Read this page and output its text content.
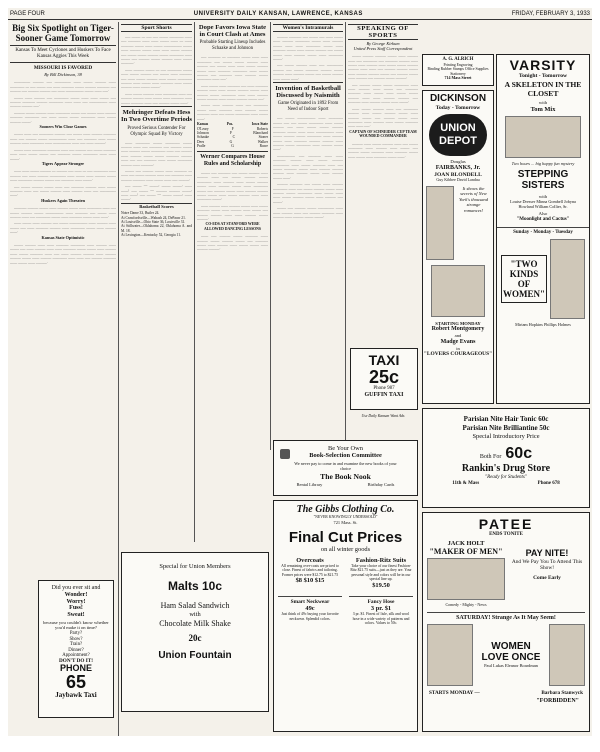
PAGE FOUR	UNIVERSITY DAILY KANSAN, LAWRENCE, KANSAS	FRIDAY, FEBRUARY 3, 1933
Big Six Spotlight on Tiger-Sooner Game Tomorrow
Kansas To Meet Cyclones and Huskers To Face Kansas Aggies This Week
MISSOURI IS FAVORED
By Bill Dickinson, 38

_________ ______ ___ _________ ____ _____ ______ ____ ________ __ ___ _____ ___ ____ _______ _____ ______ _______ ___ ______ ___ ______ ______ ___ ____ __________ _____ ____ ___.

_____ ____ ______ ___ ________ _____ ____ ____ _____ ___ ______ _______ ______ ________ ____ ____ ___ __________ ____ ______ ______ ___.

______ _____ ______ ____ ________ _____ ___ _____ ____ ______ _______ ________ ___ ____ _____ _____ ________ ____ _____ ______ _____.

Sooners Win Close Games

_____ ____ ___ ________ ______ ___ _____ ____ ______ _______ ____ ___ ______ _____ __________ ____ ___ _______ ____ _____ ______ ____ ________ ____ __________ ____ ___ ____ ______.

_____ ____ ________ _______ ____ ___ ______ ___ _____ _______ ____ ____ _____ _____ ___ _______ _____ ________ ____ ____ _____.

Tigers Appear Stronger

____ ____ _____ ______ __ ______ ___ ____ __ ___ ________ ____ ______ ___ ____ ______ _________ ____ _____ ____ ______ _____ ____ ________ ______ _____ ___ _______ ____ _____.

___ _____ ______ _____ ____ ___ _______ ______ ____ _____ _______ ____ ___ _____ ______ ____ ______ ____ ___ _________ ____.

Huskers Again Threaten

_______ ______ _____ ____ ______ _____ ____ ________ ____ ___ _____ ______ _____ __________ ____ _______ ___ _____ ____ ______ ____ ___ ________ _____ ____ _______ _____ ____ ____.

____ _____ ____ ______ ___ _____ __________ ____ ______ ____ _____ ___ ____ _______ ______ ____ ________ _____ ____ ______ ____.

Kansas State Optimistic

_____ ______ ____ ____ _______ ________ ____ ______ ____ _____ ___ ____ ______ ____ ____ _______ _____ _____ ____ ______ ____ _____ _______ ____ ___ ____ ______ ______ ____ ______ ______ _____ ____ ______ ________ ____ ____ ___ ______ _______ ____ _____ ____ ______.

Did you ever sit and
Wonder!
Worry!
Fuss!
Sweat!
because you couldn't know whether you'd make it on time?
Party?
Show?
Train?
Dinner?
Appointment?
DON'T DO IT!
PHONE
65
Jaybawk Taxi
Sport Shorts

___ _____ __ ___ ___ _____ ________ ____ ___ _______ ____ ____ _____ ____ __ ____ _______ _____ ____ _____ __________ _____ ____ ______ _____ ____ ____ _____ ______ ___ _____ _____ ______ _____ ________ ____ _____ ___ ______ _____ ______ ____ _____ _______.

____ ______ _____ __ ___ ________ _____ ____ _____ ______ ___ _____ ____ _______ ___ ____ _____ ______ ____ _____ ________ ______ ____ _____ ____ _______ ____ _____ ______ ____ _____ _____.

____ _____ ______ ____ ________ ____ ___ ______ ______ ____ _____ ____ _______ ____ _____ _______ ____ ___ ______ _____ ____.

Mehringer Defeats Hess In Two Overtime Periods
Proved Serious Contender For Olympic Squad By Victory

____ ________ _____ ________ _____ ______ ____ ___ _______ ___ ______ _____ ____ ______ _____ ________ ____ ___ ______ ____ ______ _____ _____ _______ ______ ____ ___ ___ _______ ____ _____ ________ ______ ____ _______.

_____ ___ ______ _____ ____ _______ __ ____ ___ _____ ______ ____ ___ _______ ____ ______ _______ ____ _____ ____ ___ ______.

___ _____ — _____, _____ _____, ____ ____; ___ _____ — ______ ______ _____, ____ ____; ___ _____ — _____ _____, ____ _____.

Basketball Scores
Notre Dame 33, Butler 24.
At Crawfordsville—Wabash 24, DePauw 21.
At Louisville—Ohio State 36, Louisville 31.
At Stillwater—Oklahoma 22, Oklahoma A. and M. 18.
At Lexington—Kentucky 52, Georgia 11.
Dope Favors Iowa State in Court Clash at Ames
Probable Starting Lineup Includes Schaake and Johnson

___ _______ __ _______ _____ ____ ____ ________ ___ _____ _____ ______ ____ ______ ___ _____ ____ ____ _____ ______ _____ ____ _______ ________ ____ _____ ______ ___ _______ ____ ______ _____ ________ ____ ___.

____ _____ ____ _______ ___ ____ _______ ______ ____ ____ _____ ______ _____ ____ ______ _____ ________ ____ ____ ______ _____ ______ ____ _____ ______ _____ ___.

_____ ____ ______ ____ ___ ________ _____ ____ _______ ____ ______ _____ _______ ____ ___ _____ ________ ____ _____ ____.

Kansas	Pos.	Iowa State
O'Leary	F	Roberts
Johnson	F	Blanchard
Schaake	C	Stoner
Dees	G	Walker
Pralle	G	Ruwe
Werner Compares House Rules and Scholarship

_____ ___ _______ ___ _____ ______ ____ ______ ____ ___ _____ ______ _____ ________ ____ ______ ____ _____ ______ _____ ____ ______ _____ ____ ________ _____ ___ ______ _____ ____ ______ ______ _____ _____ ____ _____ ______ ____ ____ ________ _____.

____ ______ ____ ______ _____ ____ _____ _______ _____ ____ ______ ____ _____ ___ ______ ______ ____ ____ ______ _____ ______.

CO-EDS AT STANFORD WERE ALLOWED DANCING LESSONS

____ ___ ______ _____ _______ ____ ______ _____ ______ _____ ___ _______ _____ ____ ______ ____ _____ _____ ____ ______ ______.

Women's Intramurals

______ _______ ___ _____ ___ ____ _____ ____ ______ ________ _____ ____ ______ _____ ____ ____ ________ _____ ____ _______ _____ ____ _____ ______ ___ _____ _____ ____ ______ _____ ____ ________ _____.

___ _____ ______ ____ ___ _________ ______ ___ _____ _______ ______ _____ ______ ____ ______ _____ ___ _____ ______ ____ _____ ____.

Invention of Basketball Discussed by Naismith
Game Originated in 1892 From Need of Indoor Sport

___ _____ __________ ____ ________ _____ ___ ___ _____ ________ ____ _____ ______ ___ ____ _____ _____ ______ _______ _____ ____ ____ __________ ____ _____ ______ _____ ________ ____ ______ _____ ____ _______ ______ ______ ____ ______ _____ ________ ____ ______ _____ ____.

__________ ___ _______ ____ ____ _______ ______ ____ _____ ______ _________ ____ _____ _______ ____ ___ _____ _______ _____ ____ ______ ______ ______ ____ ______ _____ ____ ______ _____ ____.

______ _______ ___ _____ ____ ______ ________ ____ ___ _____ ______ _____ ____ ______ _____ ________ ____ _____ ____ ____ _____ ______ _____ ____ ______ ___ _____.

_____ ___ ______ _____ _________ ____ ____ ______ ____ ___ ______ _______ ____ ______ ____ ______ _____ _____.

SPEAKING OF SPORTS
By George Kirkum
United Press Staff Correspondent

_____ ______ ______ _____ ____ ______ ____ ___ ________ ___ _______ ______ ____ _____ ____ ______ ____ _____ _____ ______ ______ ____ ____ ___ ______ ______ _____ ____ ______ ______ _____ ___ ______ _____ ____ ______ ___ ______ _____ ______.

___ ______ _____ _____ ________ ____ ____ ______ ____ _____ ___ _______ _______ ____ _____ ____ _____ _____ ______ ____ ____ ______ ______ ___ _______ ____ ______ _____ ____ _____.

____ _____ ______ ____ ___ ________ ______ ____ _____ ______ _____ ____ ______ _____ ___ ______ _____ ____ ________ ____ ______ ____ _____ _______ ____ ____ ___.

CAPTAIN OF SCHNEIDER CUP TEAM WOUNDED COMMANDER

______ ____ _____ ______ ____ ___ _____ ________ ____ ______ ____ _____ ___ ______ _____ _______ ____ _______ _____ ____ _____ ____ _______ _____ ____.

TAXI
25c
Phone 987
GUFFIN TAXI
Use Daily Kansan Want Ads
Be Your Own
Book-Selection Committee
We never pay to come in and examine the new books of your choice
The Book Nook
Rental Library	Birthday Cards
The Gibbs Clothing Co.
"NEVER KNOWINGLY UNDERSOLD"
721 Mass. St.
Final Cut Prices
on all winter goods
Overcoats
All remaining over-coats are priced to close. Finest of fabrics and tailoring. Former prices were $12.75 to $21.75
$8 $10 $15
Fashion-Ritz Suits
Take your choice of our finest Fashion-Ritz $21.75 suits—just as they are. Your personal style and colors will be in our special line up.
$19.50
Smart Neckwear
49c
Just think of 49c buying your favorite neckwear. Splendid colors.
Fancy Hose
3 pr. $1
3 pr. $1. Finest of lisle, silk and wool hose in a wide variety of patterns and colors. Values to 50c.
Special for Union Members
Malts 10c
Ham Salad Sandwich
with
Chocolate Milk Shake
20c
Union Fountain
A. G. ALRICH
Printing Engraving
Binding Rubber Stamps Office Supplies
Stationery
714 Mass Street
DICKINSON
Today - Tomorrow
UNION DEPOT
Douglas
FAIRBANKS, Jr.
JOAN BLONDELL
Guy Kibbee David Landau
It shows the secrets of New York's thousand strange romances!
STARTING MONDAY
Robert Montgomery
and
Madge Evans
in
"LOVERS COURAGEOUS"
VARSITY
Tonight - Tomorrow
A SKELETON IN THE CLOSET
with
Tom Mix
Two hours ... big happy fun mystery
STEPPING SISTERS
with
Louise Dresser Minna Gombell Jobyna Howland William Collier, Sr.
Also
"Moonlight and Cactus"
Sunday - Monday - Tuesday
"TWO KINDS OF WOMEN"
Miriam Hopkins Phillips Holmes
Parisian Nite Hair Tonic 60c
Parisian Nite Brilliantine 50c
Special Introductory Price
Both For 60c
Rankin's Drug Store
"Ready for Students"
11th & Mass	Phone 678
PATEE
ENDS TONITE
JACK HOLT
"MAKER OF MEN"
Comedy - Mighty - News
PAY NITE!
And We Pay You To Attend This Show!
Come Early
SATURDAY! Strange As It May Seem!
WOMEN LOVE ONCE
Paul Lukas Eleanor Boardman
STARTS MONDAY —	Barbara Stanwyck
"FORBIDDEN"
